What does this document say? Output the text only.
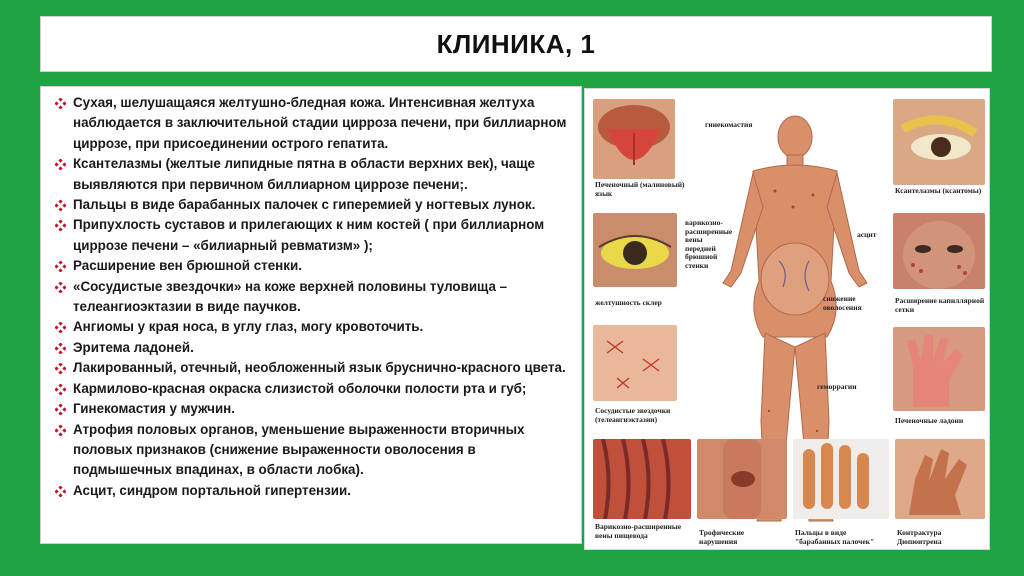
КЛИНИКА, 1
Сухая, шелушащаяся желтушно-бледная кожа. Интенсивная желтуха наблюдается в заключительной стадии цирроза печени, при биллиарном циррозе, при присоединении острого гепатита.
Ксантелазмы (желтые липидные пятна в области верхних век), чаще выявляются при первичном биллиарном циррозе печени;.
Пальцы в виде барабанных палочек с гиперемией у ногтевых лунок.
Припухлость суставов и прилегающих к ним костей ( при биллиарном циррозе печени – «билиарный ревматизм» );
Расширение вен брюшной стенки.
«Сосудистые звездочки» на коже верхней половины туловища – телеангиоэктазии в виде паучков.
Ангиомы у края носа, в углу глаз, могу кровоточить.
Эритема ладоней.
Лакированный, отечный, необложенный язык бруснично-красного цвета.
Кармилово-красная окраска слизистой оболочки полости рта и губ;
Гинекомастия у мужчин.
Атрофия половых органов, уменьшение выраженности вторичных половых признаков (снижение выраженности оволосения в подмышечных впадинах, в области лобка).
Асцит, синдром портальной гипертензии.
Печеночный (малиновый) язык
гинекомастия
варикозно-расширенные вены передней брюшной стенки
асцит
снижение оволосения
геморрагии
Ксантелазмы (ксантомы)
желтушность склер	Расширение капиллярной сетки
Сосудистые звездочки (телеангиэктазии)	Печеночные ладони
Варикозно-расширенные вены пищевода	Трофические нарушения
Пальцы в виде "барабанных палочек"
Контрактура Дюпюитрена
